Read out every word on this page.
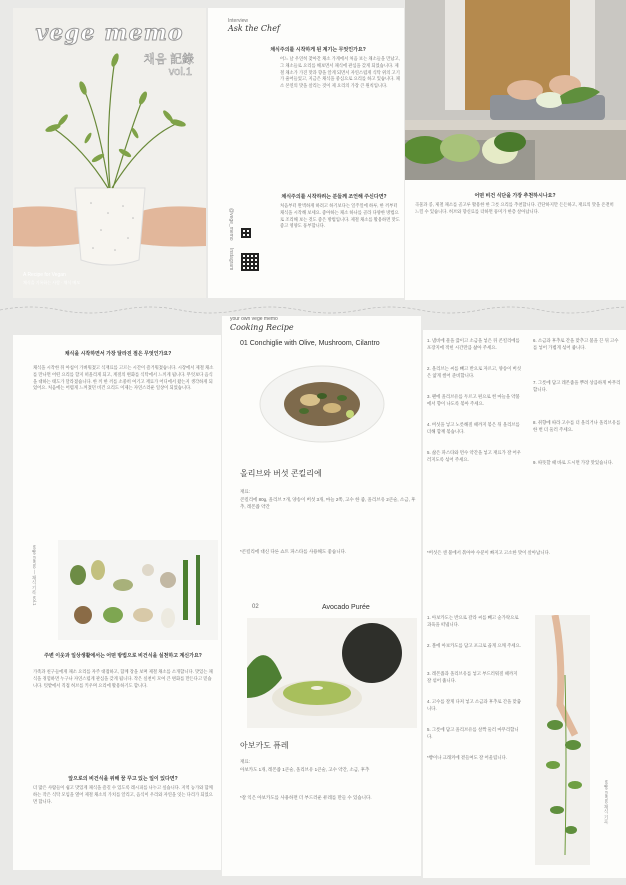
vege memo
채음 記錄
vol.1
A Recipe for Vegan
채식을 기록하는 사람 · 채식 메모
Interview
Ask the Chef
채식주의를 시작하게 된 계기는 무엇인가요?
어느 날 우연히 찾아간 채소 가게에서 처음 보는 채소들을 만났고, 그 채소들로 요리를 해보면서 채식에 관심을 갖게 되었습니다. 제철 채소가 가진 맛과 향을 알게 되면서 자연스럽게 식탁 위의 고기가 줄어들었고, 지금은 채식을 중심으로 요리를 하고 있습니다. 채소 본연의 맛을 살리는 것이 제 요리의 가장 큰 원칙입니다.
채식주의를 시작하려는 분들께 조언해 주신다면?
처음부터 완벽하게 하려고 하기보다는 일주일에 하루, 한 끼부터 채식을 시작해 보세요. 좋아하는 채소 하나를 골라 다양한 방법으로 조리해 보는 것도 좋은 방법입니다. 제철 채소를 활용하면 맛도 좋고 영양도 풍부합니다.
@vege_memo
Instagram
어떤 비건 식단을 가장 추천하시나요?
곡물과 콩, 제철 채소를 골고루 활용한 한 그릇 요리를 추천합니다. 간단하지만 든든하고, 재료의 맛을 온전히 느낄 수 있습니다. 허브와 향신료를 더하면 풍미가 한층 살아납니다.
채식을 시작하면서 가장 달라진 점은 무엇인가요?
채식을 시작한 뒤 아침이 가벼워졌고 식재료를 고르는 시간이 즐거워졌습니다. 시장에서 제철 채소를 만나면 어떤 요리를 할지 떠올리게 되고, 계절의 변화를 식탁에서 느끼게 됩니다. 무엇보다 음식을 대하는 태도가 달라졌습니다. 한 끼 한 끼를 소중히 여기고 재료가 어디에서 왔는지 생각하게 되었어요. 처음에는 어렵게 느껴졌던 비건 요리도 이제는 자연스러운 일상이 되었습니다.
vege memo — 채식 기록 vol.1
주변 이웃과 일상생활에서는 어떤 방법으로 비건식을 실천하고 계신가요?
가족과 친구들에게 채소 요리를 자주 대접하고, 함께 장을 보며 제철 채소를 소개합니다. 맛있는 채식을 경험하면 누구나 자연스럽게 관심을 갖게 됩니다. 작은 실천이 모여 큰 변화를 만든다고 믿습니다. 텃밭에서 직접 허브를 키우며 요리에 활용하기도 합니다.
앞으로의 비건식을 위해 꿈 꾸고 있는 일이 있다면?
더 많은 사람들이 쉽고 맛있게 채식을 즐길 수 있도록 레시피를 나누고 싶습니다. 지역 농가와 함께하는 작은 식탁 모임을 열어 제철 채소의 가치를 알리고, 음식이 우리와 자연을 잇는 다리가 되었으면 합니다.
your own vege memo
Cooking Recipe
01 Conchiglie with Olive, Mushroom, Cilantro
올리브와 버섯 콘킬리에
재료:
콘킬리에 80g, 올리브 7개, 양송이 버섯 3개, 마늘 2쪽, 고수 한 줌, 올리브유 2큰술, 소금, 후추, 레몬즙 약간
*콘킬리에 대신 다른 쇼트 파스타를 사용해도 좋습니다.
02	Avocado Purée
아보카도 퓨레
재료:
아보카도 1개, 레몬즙 1큰술, 올리브유 1큰술, 고수 약간, 소금, 후추
*잘 익은 아보카도를 사용하면 더 부드러운 퓨레를 만들 수 있습니다.
1. 냄비에 물을 끓이고 소금을 넣은 뒤 콘킬리에를 포장지에 적힌 시간만큼 삶아 주세요.
2. 올리브는 씨를 빼고 반으로 자르고, 양송이 버섯은 얇게 썰어 준비합니다.
3. 팬에 올리브유를 두르고 편으로 썬 마늘을 약불에서 향이 나도록 볶아 주세요.
4. 버섯을 넣고 노릇해질 때까지 볶은 뒤 올리브를 더해 함께 볶습니다.
5. 삶은 파스타와 면수 약간을 넣고 재료가 잘 어우러지도록 섞어 주세요.
6. 소금과 후추로 간을 맞추고 불을 끈 뒤 고수를 넣어 가볍게 섞어 줍니다.
7. 그릇에 담고 레몬즙을 뿌려 상큼하게 마무리합니다.
8. 취향에 따라 고수를 더 올리거나 올리브유를 한 번 더 둘러 주세요.
9. 따뜻할 때 바로 드시면 가장 맛있습니다.
*버섯은 센 불에서 볶아야 수분이 빠지고 고소한 맛이 살아납니다.
1. 아보카도는 반으로 갈라 씨를 빼고 숟가락으로 과육을 떠냅니다.
2. 볼에 아보카도를 담고 포크로 곱게 으깨 주세요.
3. 레몬즙과 올리브유를 넣고 부드러워질 때까지 잘 섞어 줍니다.
4. 고수를 잘게 다져 넣고 소금과 후추로 간을 맞춥니다.
5. 그릇에 담고 올리브유를 살짝 둘러 마무리합니다.
*빵이나 크래커에 곁들여도 잘 어울립니다.
vege memo 채식 기록
